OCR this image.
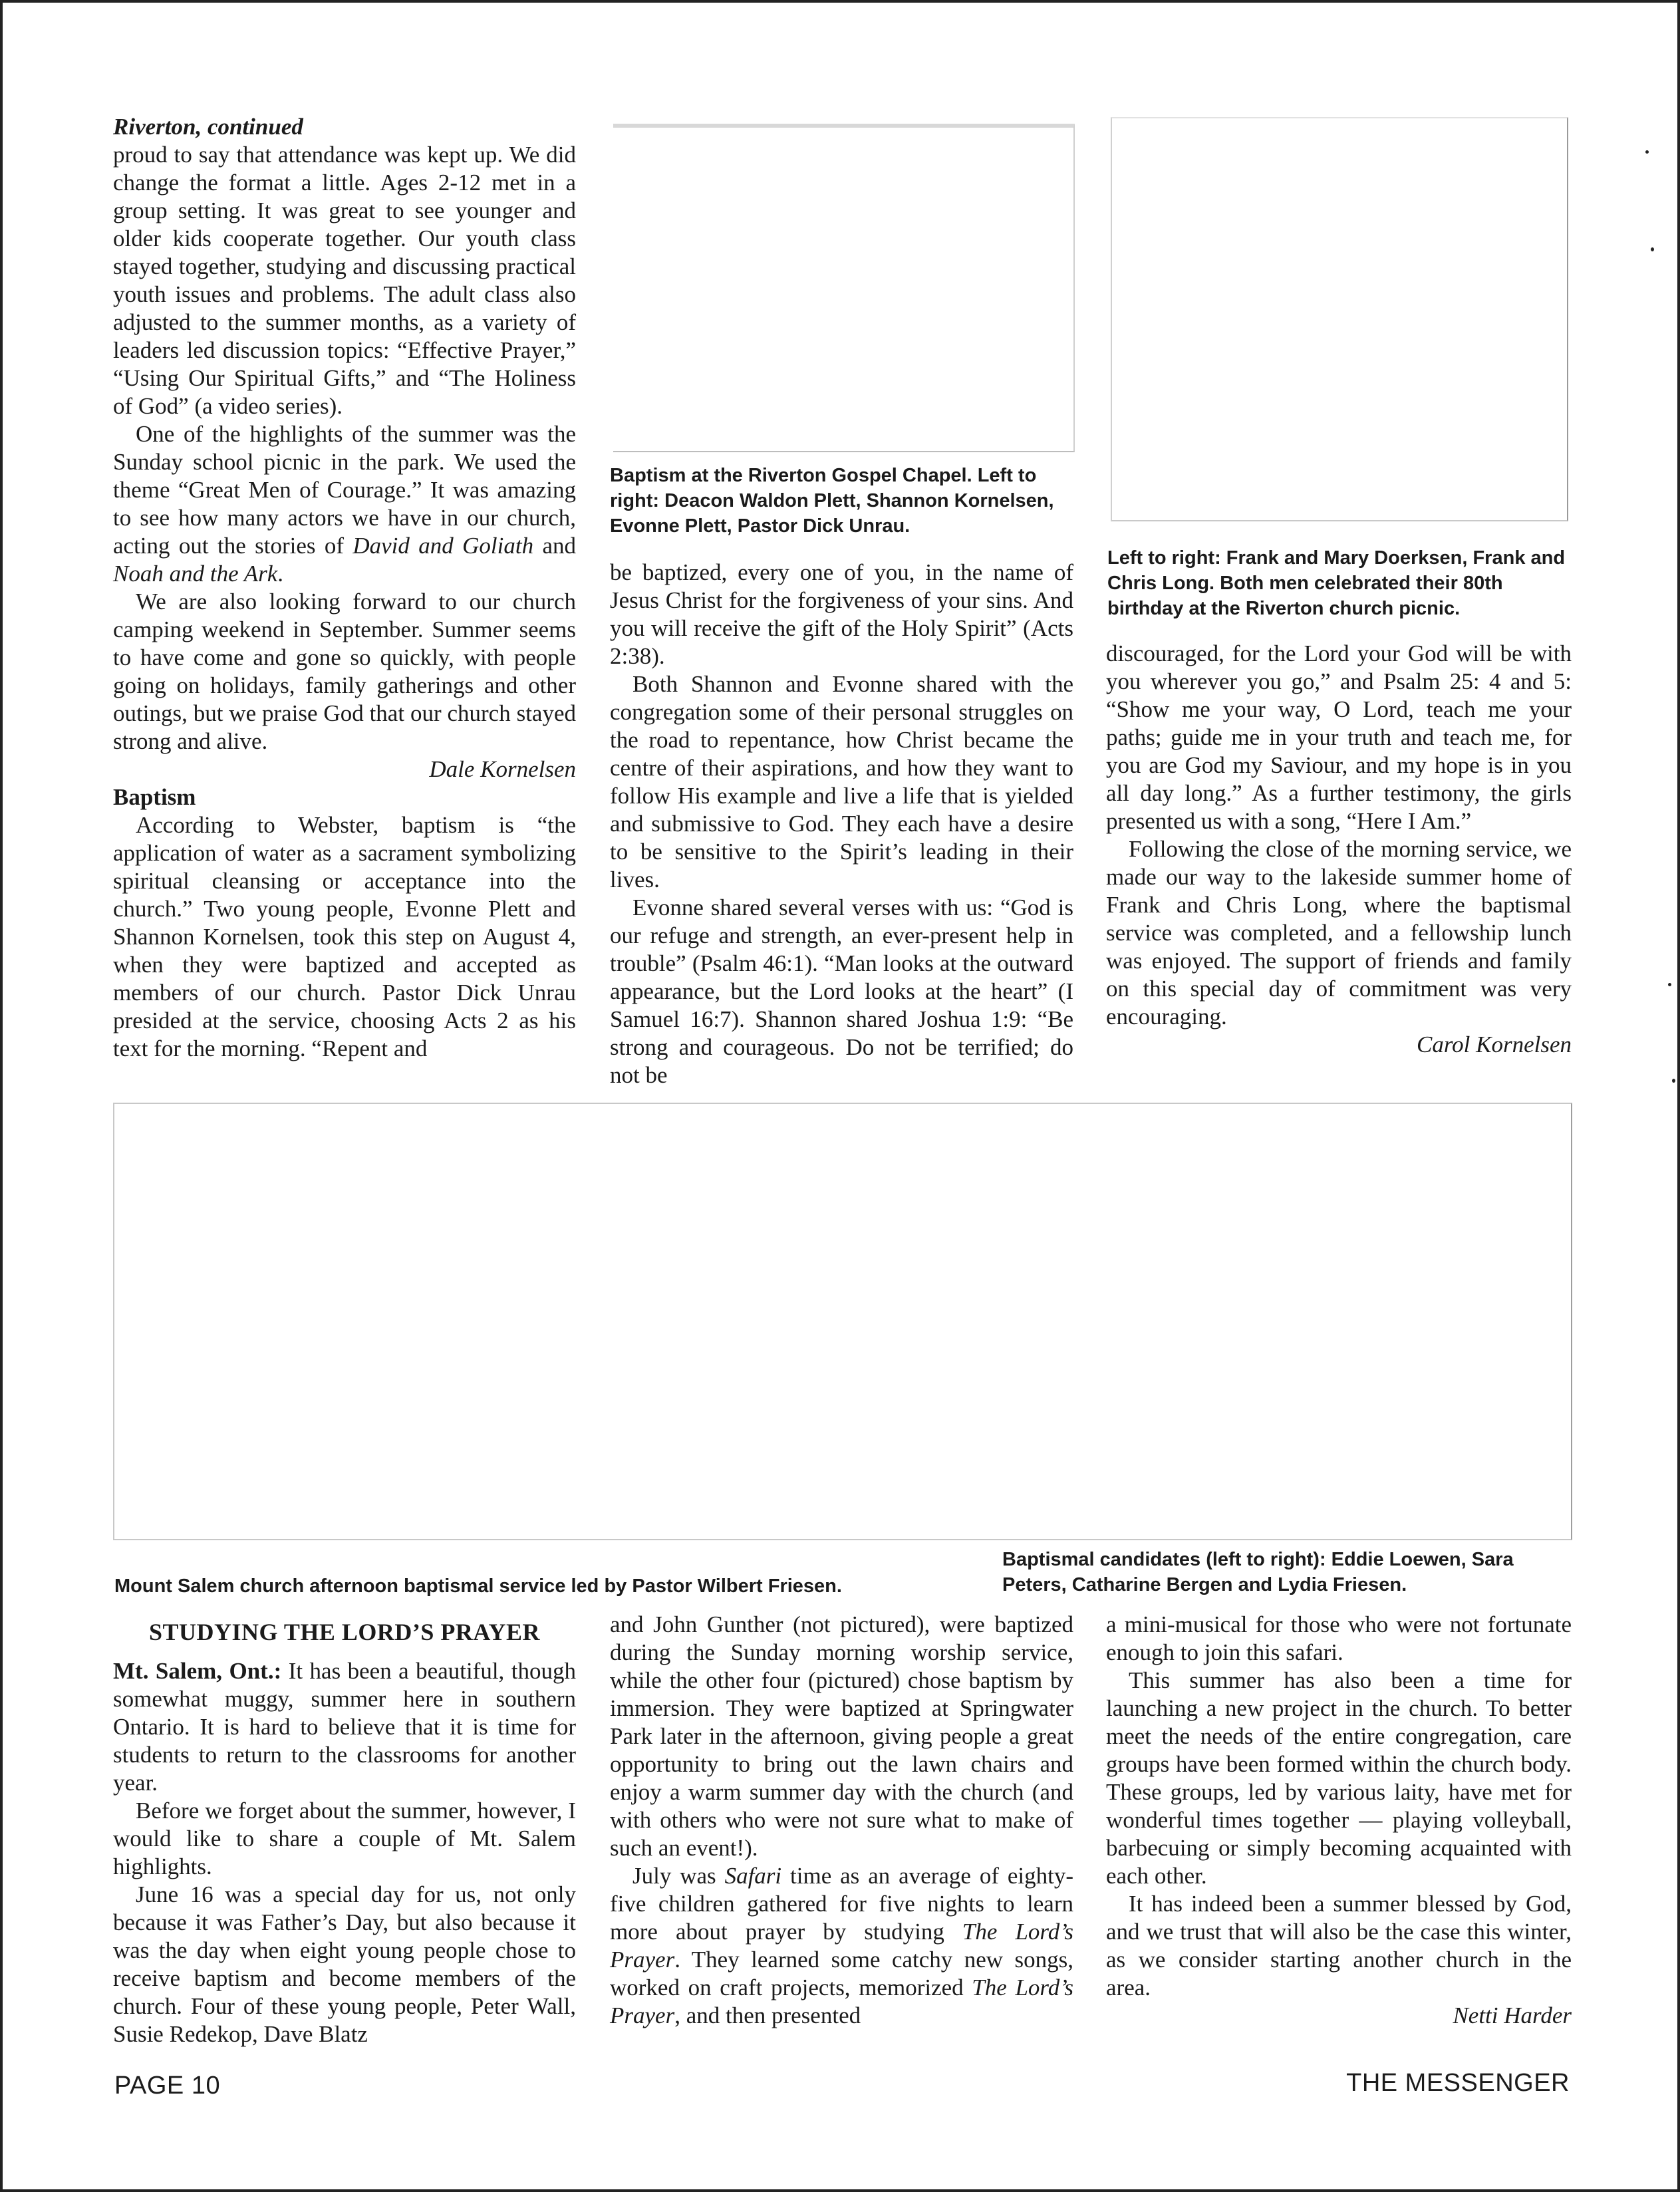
Riverton, continued

proud to say that attendance was kept up. We did change the format a little. Ages 2-12 met in a group setting. It was great to see younger and older kids cooperate together. Our youth class stayed together, studying and discussing practical youth issues and problems. The adult class also adjusted to the summer months, as a variety of leaders led discussion topics: “Effective Prayer,” “Using Our Spiritual Gifts,” and “The Holiness of God” (a video series).

One of the highlights of the summer was the Sunday school picnic in the park. We used the theme “Great Men of Courage.” It was amazing to see how many actors we have in our church, acting out the stories of David and Goliath and Noah and the Ark.

We are also looking forward to our church camping weekend in September. Summer seems to have come and gone so quickly, with people going on holidays, family gatherings and other outings, but we praise God that our church stayed strong and alive.

Dale Kornelsen

Baptism

According to Webster, baptism is “the application of water as a sacrament symbolizing spiritual cleansing or acceptance into the church.” Two young people, Evonne Plett and Shannon Kornelsen, took this step on August 4, when they were baptized and accepted as members of our church. Pastor Dick Unrau presided at the service, choosing Acts 2 as his text for the morning. “Repent and

Baptism at the Riverton Gospel Chapel. Left to right: Deacon Waldon Plett, Shannon Kornelsen, Evonne Plett, Pastor Dick Unrau.

be baptized, every one of you, in the name of Jesus Christ for the forgiveness of your sins. And you will receive the gift of the Holy Spirit” (Acts 2:38).

Both Shannon and Evonne shared with the congregation some of their personal struggles on the road to repentance, how Christ became the centre of their aspirations, and how they want to follow His example and live a life that is yielded and submissive to God. They each have a desire to be sensitive to the Spirit’s leading in their lives.

Evonne shared several verses with us: “God is our refuge and strength, an ever-present help in trouble” (Psalm 46:1). “Man looks at the outward appearance, but the Lord looks at the heart” (I Samuel 16:7). Shannon shared Joshua 1:9: “Be strong and courageous. Do not be terrified; do not be

Left to right: Frank and Mary Doerksen, Frank and Chris Long. Both men celebrated their 80th birthday at the Riverton church picnic.

discouraged, for the Lord your God will be with you wherever you go,” and Psalm 25: 4 and 5: “Show me your way, O Lord, teach me your paths; guide me in your truth and teach me, for you are God my Saviour, and my hope is in you all day long.” As a further testimony, the girls presented us with a song, “Here I Am.”

Following the close of the morning service, we made our way to the lakeside summer home of Frank and Chris Long, where the baptismal service was completed, and a fellowship lunch was enjoyed. The support of friends and family on this special day of commitment was very encouraging.

Carol Kornelsen

Mount Salem church afternoon baptismal service led by Pastor Wilbert Friesen.
Baptismal candidates (left to right): Eddie Loewen, Sara Peters, Catharine Bergen and Lydia Friesen.
STUDYING THE LORD’S PRAYER

Mt. Salem, Ont.: It has been a beautiful, though somewhat muggy, summer here in southern Ontario. It is hard to believe that it is time for students to return to the classrooms for another year.

Before we forget about the summer, however, I would like to share a couple of Mt. Salem highlights.

June 16 was a special day for us, not only because it was Father’s Day, but also because it was the day when eight young people chose to receive baptism and become members of the church. Four of these young people, Peter Wall, Susie Redekop, Dave Blatz

and John Gunther (not pictured), were baptized during the Sunday morning worship service, while the other four (pictured) chose baptism by immersion. They were baptized at Springwater Park later in the afternoon, giving people a great opportunity to bring out the lawn chairs and enjoy a warm summer day with the church (and with others who were not sure what to make of such an event!).

July was Safari time as an average of eighty-five children gathered for five nights to learn more about prayer by studying The Lord’s Prayer. They learned some catchy new songs, worked on craft projects, memorized The Lord’s Prayer, and then presented

a mini-musical for those who were not fortunate enough to join this safari.

This summer has also been a time for launching a new project in the church. To better meet the needs of the entire congregation, care groups have been formed within the church body. These groups, led by various laity, have met for wonderful times together — playing volleyball, barbecuing or simply becoming acquainted with each other.

It has indeed been a summer blessed by God, and we trust that will also be the case this winter, as we consider starting another church in the area.

Netti Harder

PAGE 10	THE MESSENGER
